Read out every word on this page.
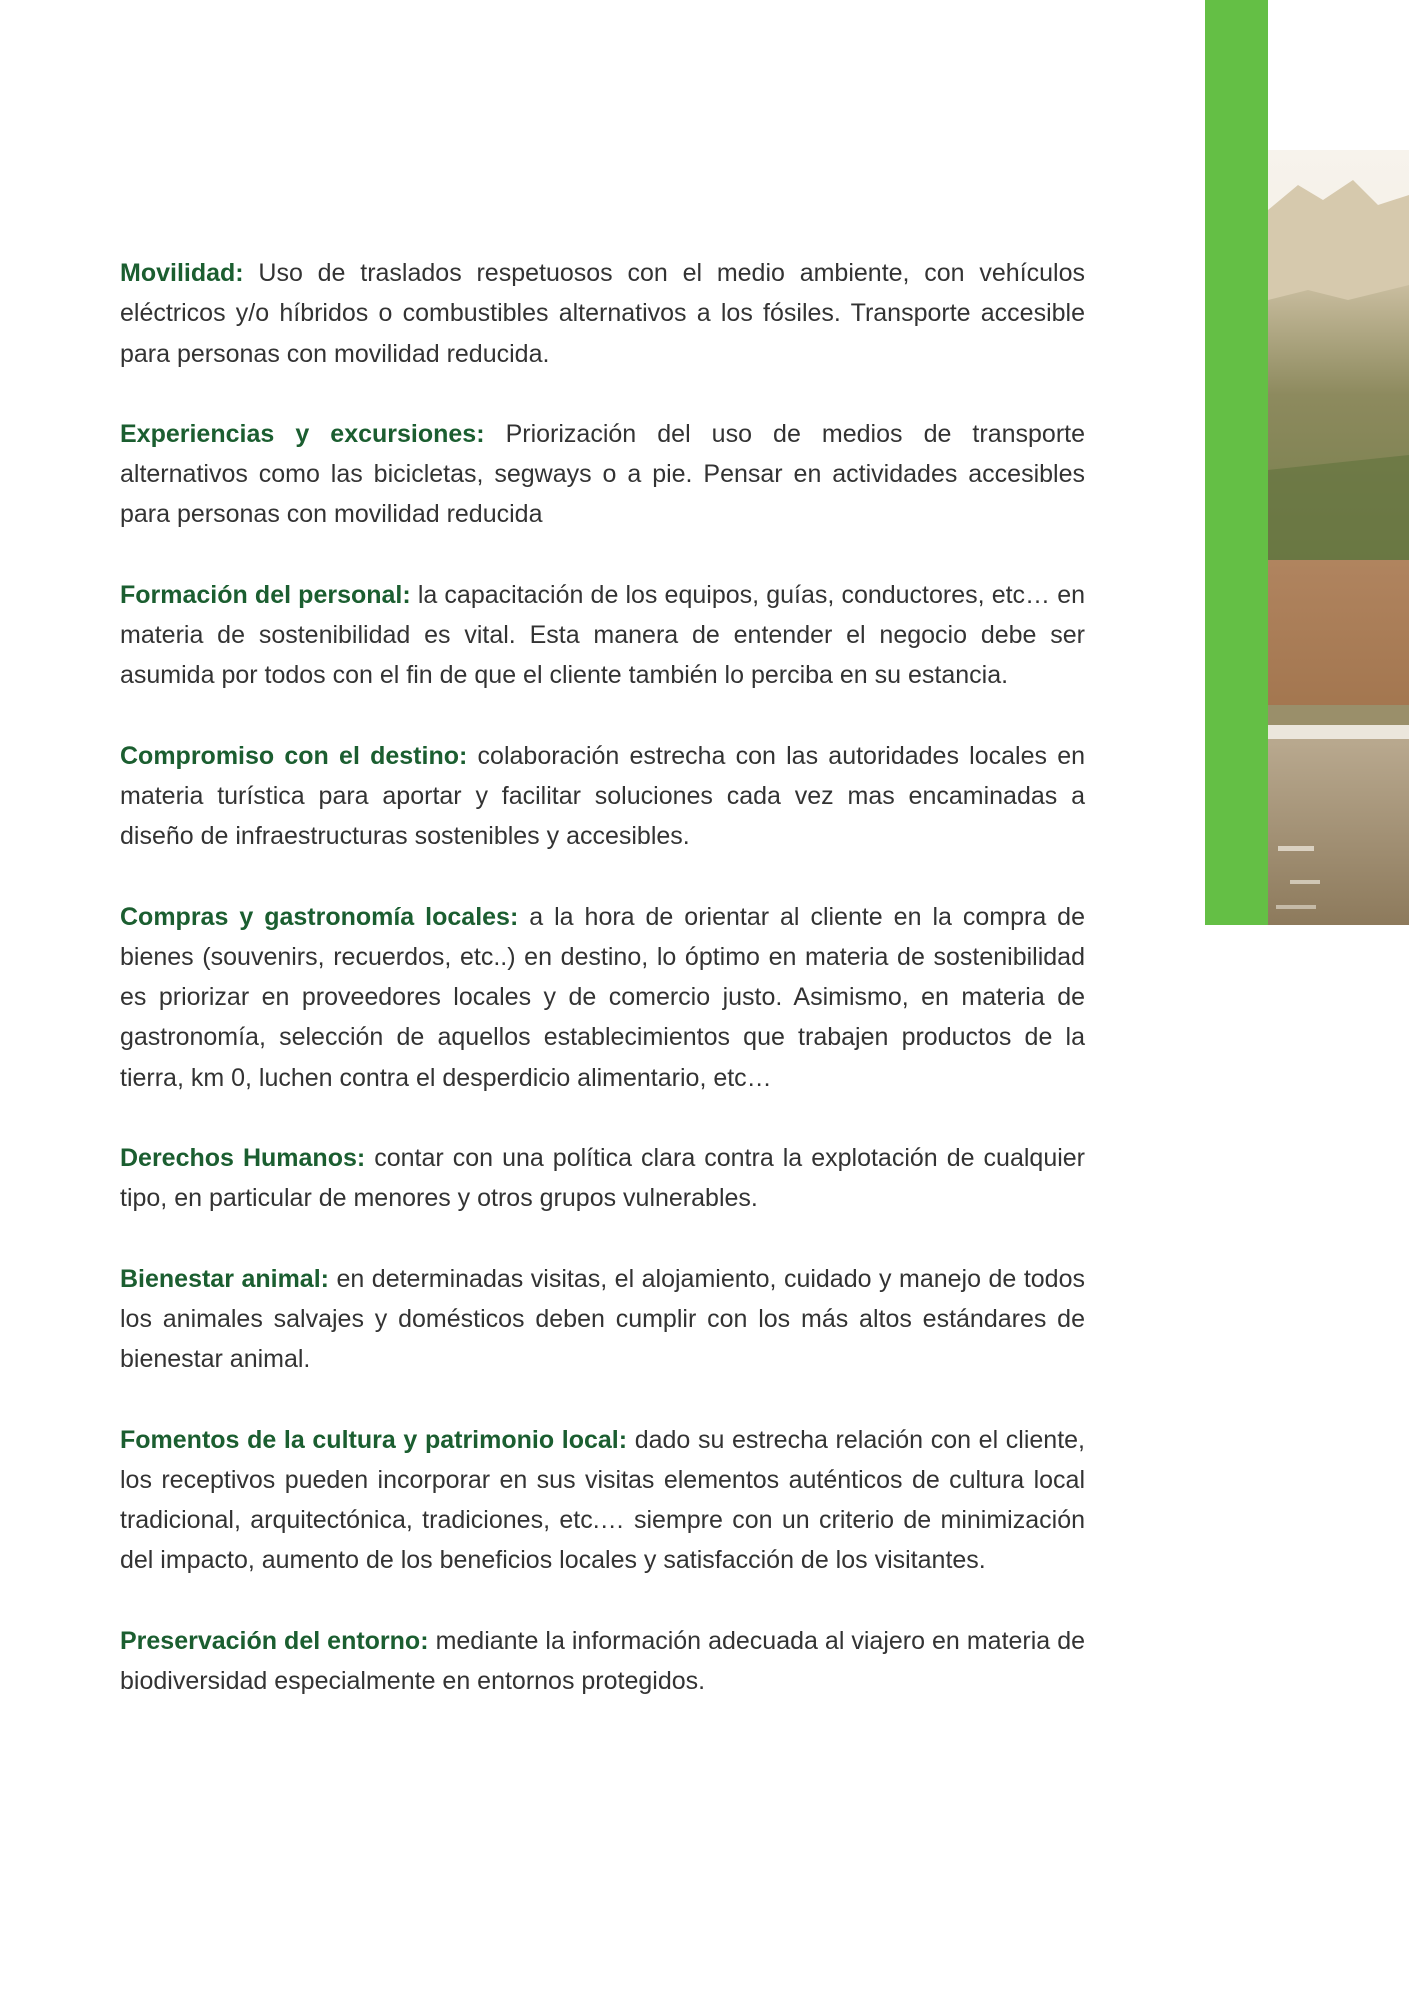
Movilidad: Uso de traslados respetuosos con el medio ambiente, con vehículos eléctricos y/o híbridos o combustibles alternativos a los fósiles. Transporte accesible para personas con movilidad reducida.

Experiencias y excursiones: Priorización del uso de medios de transporte alternativos como las bicicletas, segways o a pie. Pensar en actividades accesibles para personas con movilidad reducida

Formación del personal: la capacitación de los equipos, guías, conductores, etc… en materia de sostenibilidad es vital. Esta manera de entender el negocio debe ser asumida por todos con el fin de que el cliente también lo perciba en su estancia.

Compromiso con el destino: colaboración estrecha con las autoridades locales en materia turística para aportar y facilitar soluciones cada vez mas encaminadas a diseño de infraestructuras sostenibles y accesibles.

Compras y gastronomía locales: a la hora de orientar al cliente en la compra de bienes (souvenirs, recuerdos, etc..) en destino, lo óptimo en materia de sostenibilidad es priorizar en proveedores locales y de comercio justo. Asimismo, en materia de gastronomía, selección de aquellos establecimientos que trabajen productos de la tierra, km 0, luchen contra el desperdicio alimentario, etc…

Derechos Humanos: contar con una política clara contra la explotación de cualquier tipo, en particular de menores y otros grupos vulnerables.

Bienestar animal: en determinadas visitas, el alojamiento, cuidado y manejo de todos los animales salvajes y domésticos deben cumplir con los más altos estándares de bienestar animal.

Fomentos de la cultura y patrimonio local: dado su estrecha relación con el cliente, los receptivos pueden incorporar en sus visitas elementos auténticos de cultura local tradicional, arquitectónica, tradiciones, etc.… siempre con un criterio de minimización del impacto, aumento de los beneficios locales y satisfacción de los visitantes.

Preservación del entorno: mediante la información adecuada al viajero en materia de biodiversidad especialmente en entornos protegidos.
